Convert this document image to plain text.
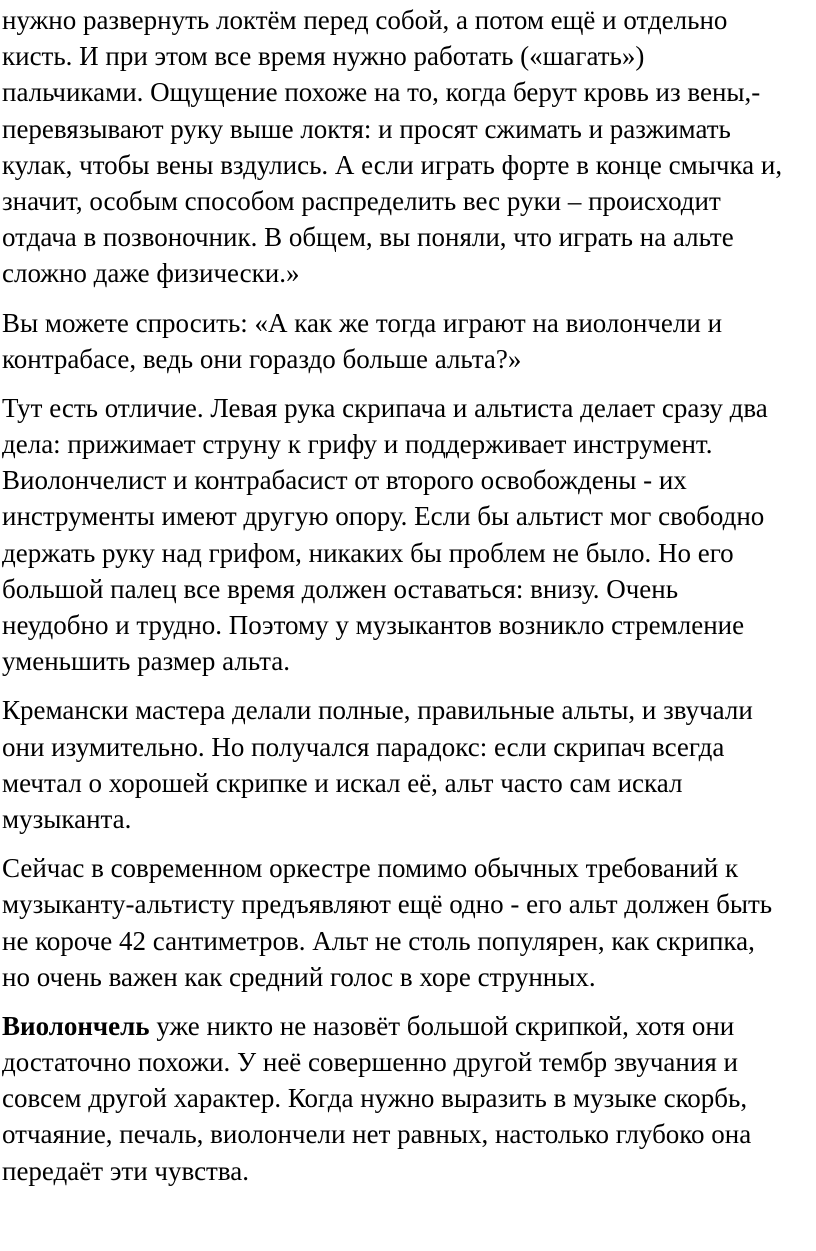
нужно развернуть локтём перед собой, а потом ещё и отдельно
кисть. И при этом все время нужно работать («шагать»)
пальчиками. Ощущение похоже на то, когда берут кровь из вены,-
перевязывают руку выше локтя: и просят сжимать и разжимать
кулак, чтобы вены вздулись. А если играть форте в конце смычка и,
значит, особым способом распределить вес руки – происходит
отдача в позвоночник. В общем, вы поняли, что играть на альте
сложно даже физически.»

Вы можете спросить: «А как же тогда играют на виолончели и
контрабасе, ведь они гораздо больше альта?»

Тут есть отличие. Левая рука скрипача и альтиста делает сразу два
дела: прижимает струну к грифу и поддерживает инструмент.
Виолончелист и контрабасист от второго освобождены - их
инструменты имеют другую опору. Если бы альтист мог свободно
держать руку над грифом, никаких бы проблем не было. Но его
большой палец все время должен оставаться: внизу. Очень
неудобно и трудно. Поэтому у музыкантов возникло стремление
уменьшить размер альта.

Кремански мастера делали полные, правильные альты, и звучали
они изумительно. Но получался парадокс: если скрипач всегда
мечтал о хорошей скрипке и искал её, альт часто сам искал
музыканта.

Сейчас в современном оркестре помимо обычных требований к
музыканту-альтисту предъявляют ещё одно - его альт должен быть
не короче 42 сантиметров. Альт не столь популярен, как скрипка,
но очень важен как средний голос в хоре струнных.

Виолончель уже никто не назовёт большой скрипкой, хотя они
достаточно похожи. У неё совершенно другой тембр звучания и
совсем другой характер. Когда нужно выразить в музыке скорбь,
отчаяние, печаль, виолончели нет равных, настолько глубоко она
передаёт эти чувства.
